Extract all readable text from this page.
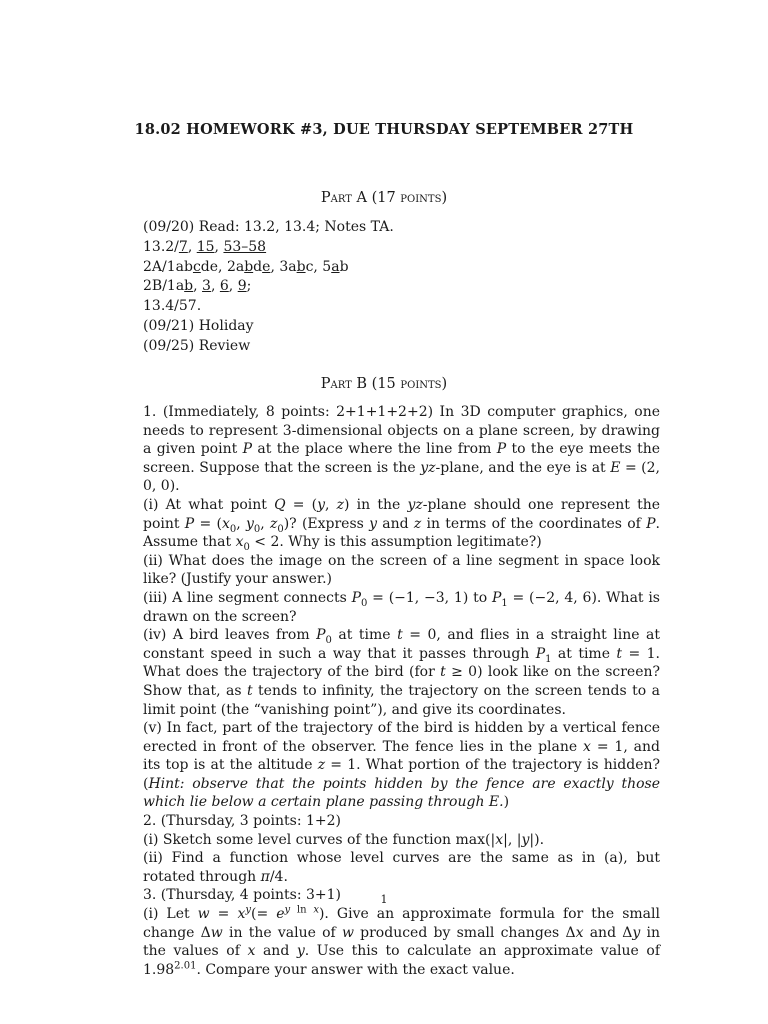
18.02 HOMEWORK #3, DUE THURSDAY SEPTEMBER 27TH
Part A (17 points)
(09/20) Read: 13.2, 13.4; Notes TA.
13.2/7, 15, 53–58
2A/1abcde, 2abde, 3abc, 5ab
2B/1ab, 3, 6, 9;
13.4/57.
(09/21) Holiday
(09/25) Review
Part B (15 points)
1. (Immediately, 8 points: 2+1+1+2+2) In 3D computer graphics, one needs to represent 3-dimensional objects on a plane screen, by drawing a given point P at the place where the line from P to the eye meets the screen. Suppose that the screen is the yz-plane, and the eye is at E = (2, 0, 0).
(i) At what point Q = (y, z) in the yz-plane should one represent the point $P = (x_0$, $y_0$, $z_0$)? (Express y and z in terms of the coordinates of P. Assume that $x_0 < 2$. Why is this assumption legitimate?)
(ii) What does the image on the screen of a line segment in space look like? (Justify your answer.)
(iii) A line segment connects $P_0 = (-1$, −3, 1) to $P_1 = (-2$, 4, 6). What is drawn on the screen?
(iv) A bird leaves from $P_0$ at time t = 0, and flies in a straight line at constant speed in such a way that it passes through $P_1$ at time t = 1. What does the trajectory of the bird (for t ≥ 0) look like on the screen? Show that, as t tends to infinity, the trajectory on the screen tends to a limit point (the “vanishing point”), and give its coordinates.
(v) In fact, part of the trajectory of the bird is hidden by a vertical fence erected in front of the observer. The fence lies in the plane x = 1, and its top is at the altitude z = 1. What portion of the trajectory is hidden? (Hint: observe that the points hidden by the fence are exactly those which lie below a certain plane passing through E.)
2. (Thursday, 3 points: 1+2)
(i) Sketch some level curves of the function max(|x|, |y|).
(ii) Find a function whose level curves are the same as in (a), but rotated through π/4.
3. (Thursday, 4 points: 3+1)
(i) Let $w = x^y(= e^{y ln x})$. Give an approximate formula for the small change Δw in the value of w produced by small changes Δx and Δy in the values of x and y. Use this to calculate an approximate value of $1.98^{2.01}$. Compare your answer with the exact value.
1
